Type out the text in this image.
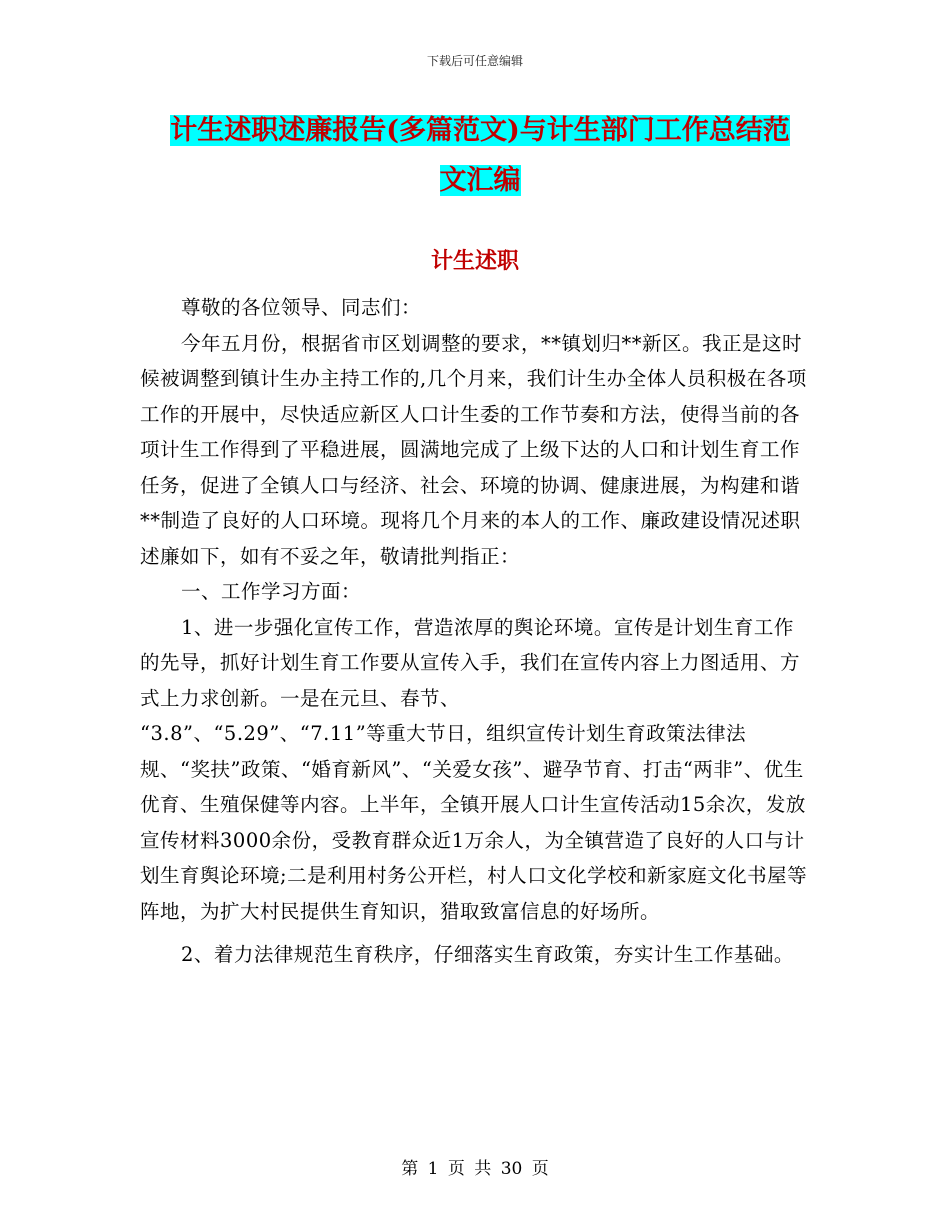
下载后可任意编辑
计生述职述廉报告(多篇范文)与计生部门工作总结范
文汇编
计生述职

尊敬的各位领导、同志们：

今年五月份，根据省市区划调整的要求，**镇划归**新区。我正是这时候被调整到镇计生办主持工作的,几个月来，我们计生办全体人员积极在各项工作的开展中，尽快适应新区人口计生委的工作节奏和方法，使得当前的各项计生工作得到了平稳进展，圆满地完成了上级下达的人口和计划生育工作任务，促进了全镇人口与经济、社会、环境的协调、健康进展，为构建和谐**制造了良好的人口环境。现将几个月来的本人的工作、廉政建设情况述职述廉如下，如有不妥之年，敬请批判指正：

一、工作学习方面：

1、进一步强化宣传工作，营造浓厚的舆论环境。宣传是计划生育工作的先导，抓好计划生育工作要从宣传入手，我们在宣传内容上力图适用、方式上力求创新。一是在元旦、春节、

“3.8”、“5.29”、“7.11”等重大节日，组织宣传计划生育政策法律法规、“奖扶”政策、“婚育新风”、“关爱女孩”、避孕节育、打击“两非”、优生优育、生殖保健等内容。上半年，全镇开展人口计生宣传活动15余次，发放宣传材料3000余份，受教育群众近1万余人，为全镇营造了良好的人口与计划生育舆论环境;二是利用村务公开栏，村人口文化学校和新家庭文化书屋等阵地，为扩大村民提供生育知识，猎取致富信息的好场所。

2、着力法律规范生育秩序，仔细落实生育政策，夯实计生工作基础。

第 1 页 共 30 页
